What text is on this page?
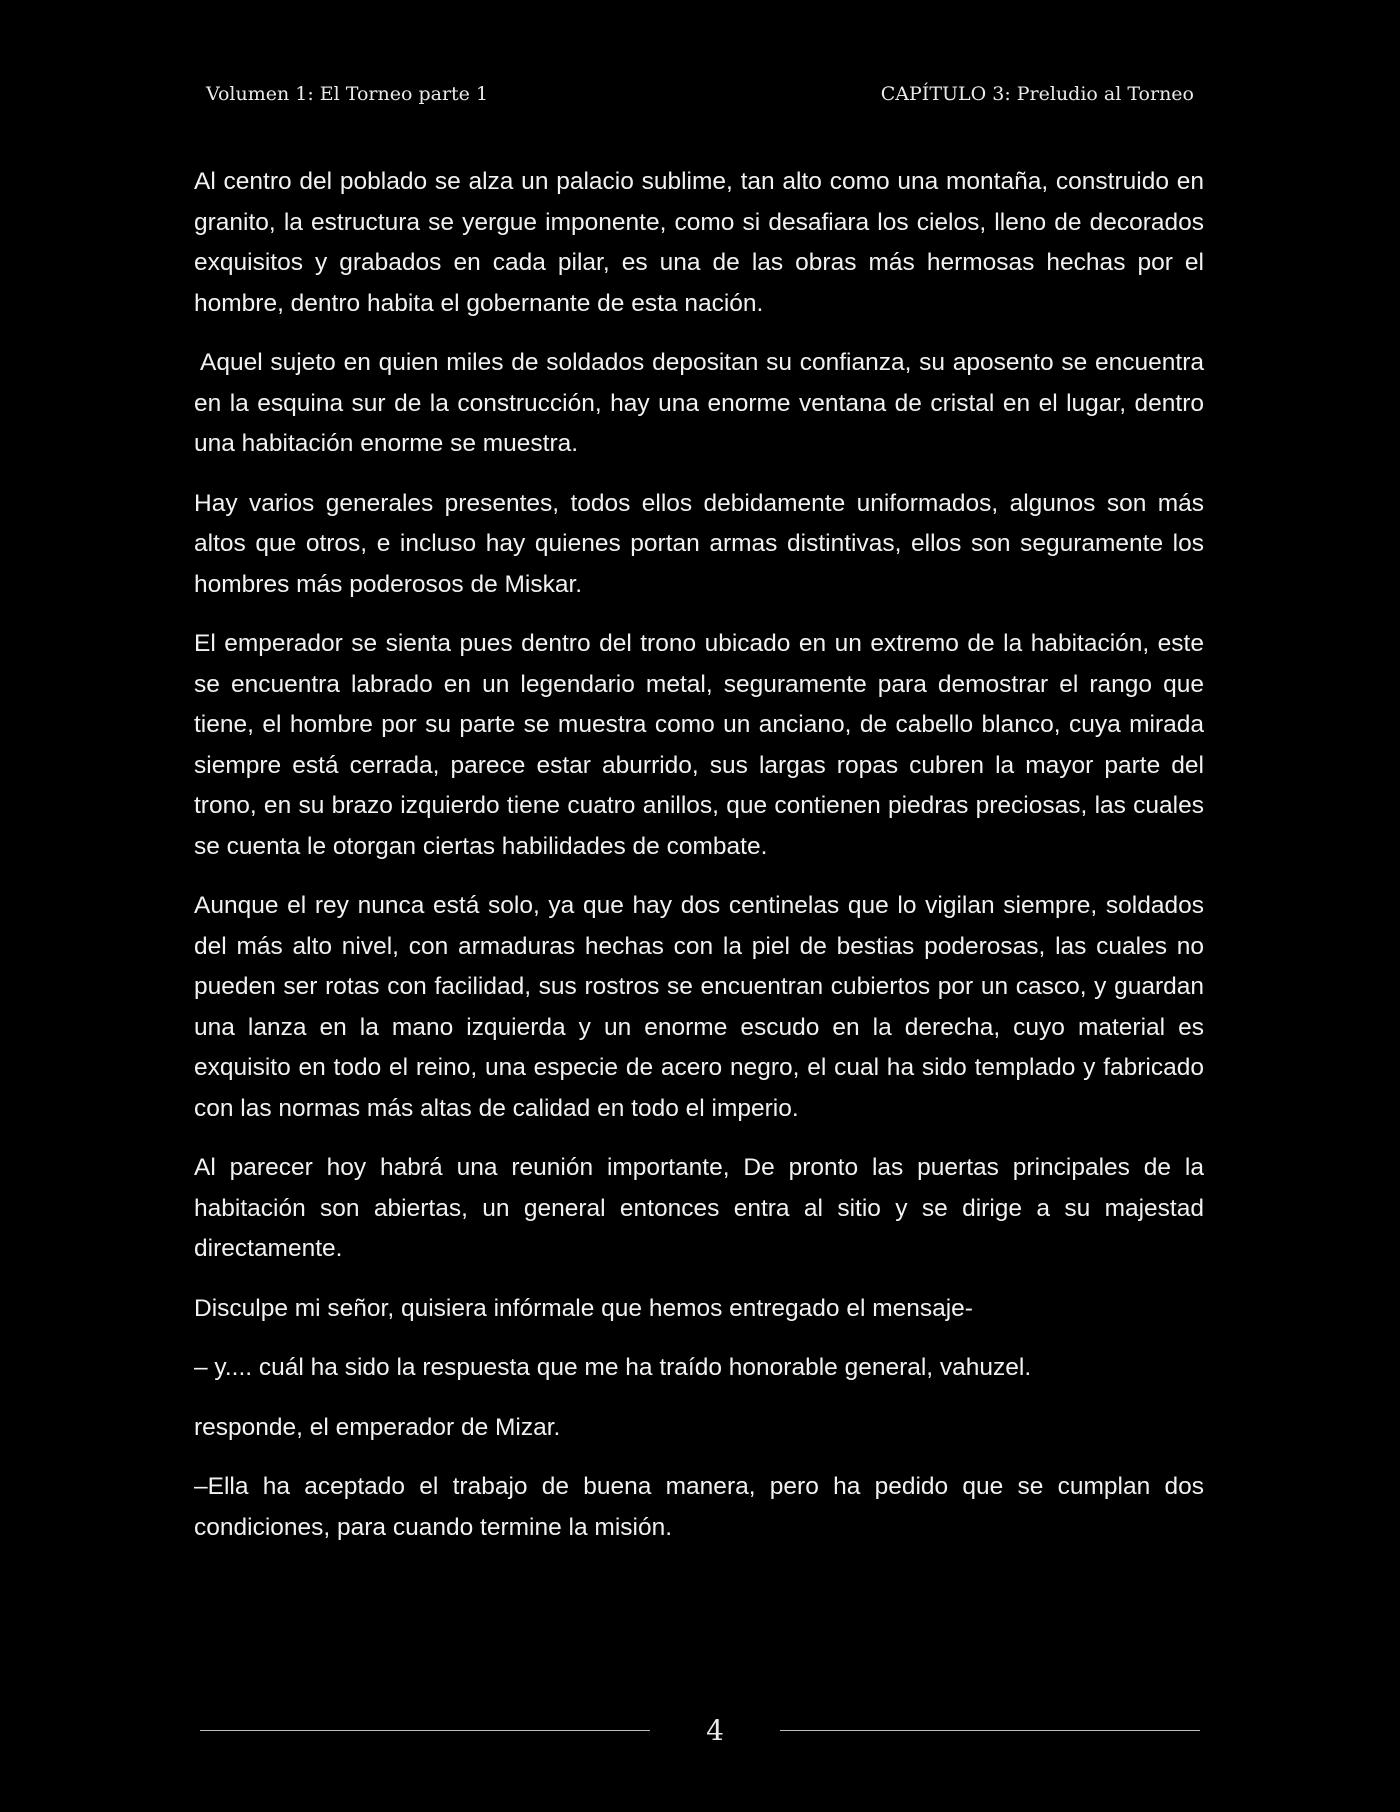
Volumen 1: El Torneo parte 1	CAPÍTULO 3: Preludio al Torneo

Al centro del poblado se alza un palacio sublime, tan alto como una montaña, construido en granito, la estructura se yergue imponente, como si desafiara los cielos, lleno de decorados exquisitos y grabados en cada pilar, es una de las obras más hermosas hechas por el hombre, dentro habita el gobernante de esta nación.

Aquel sujeto en quien miles de soldados depositan su confianza, su aposento se encuentra en la esquina sur de la construcción, hay una enorme ventana de cristal en el lugar, dentro una habitación enorme se muestra.

Hay varios generales presentes, todos ellos debidamente uniformados, algunos son más altos que otros, e incluso hay quienes portan armas distintivas, ellos son seguramente los hombres más poderosos de Miskar.

El emperador se sienta pues dentro del trono ubicado en un extremo de la habitación, este se encuentra labrado en un legendario metal, seguramente para demostrar el rango que tiene, el hombre por su parte se muestra como un anciano, de cabello blanco, cuya mirada siempre está cerrada, parece estar aburrido, sus largas ropas cubren la mayor parte del trono, en su brazo izquierdo tiene cuatro anillos, que contienen piedras preciosas, las cuales se cuenta le otorgan ciertas habilidades de combate.

Aunque el rey nunca está solo, ya que hay dos centinelas que lo vigilan siempre, soldados del más alto nivel, con armaduras hechas con la piel de bestias poderosas, las cuales no pueden ser rotas con facilidad, sus rostros se encuentran cubiertos por un casco, y guardan una lanza en la mano izquierda y un enorme escudo en la derecha, cuyo material es exquisito en todo el reino, una especie de acero negro, el cual ha sido templado y fabricado con las normas más altas de calidad en todo el imperio.

Al parecer hoy habrá una reunión importante, De pronto las puertas principales de la habitación son abiertas, un general entonces entra al sitio y se dirige a su majestad directamente.

Disculpe mi señor, quisiera infórmale que hemos entregado el mensaje-

– y.... cuál ha sido la respuesta que me ha traído honorable general, vahuzel.

responde, el emperador de Mizar.

–Ella ha aceptado el trabajo de buena manera, pero ha pedido que se cumplan dos condiciones, para cuando termine la misión.

4
